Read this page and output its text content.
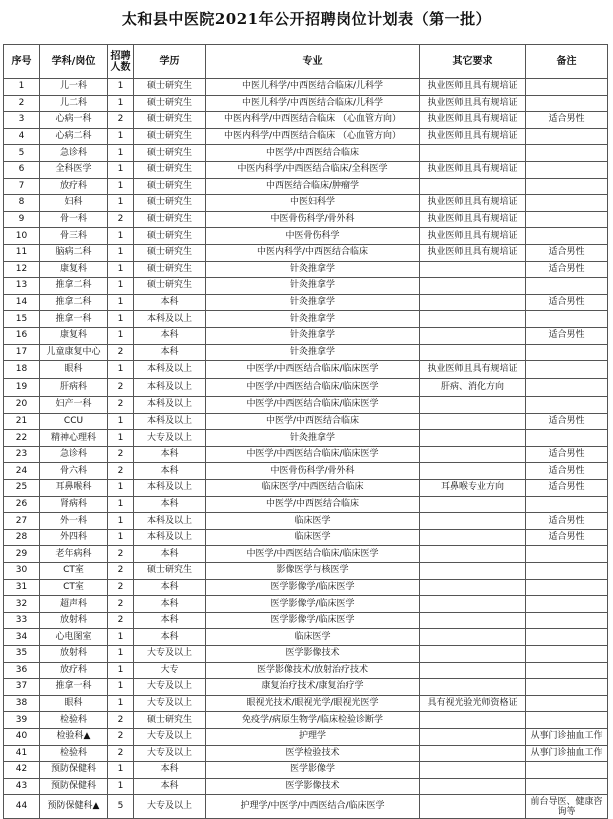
太和县中医院2021年公开招聘岗位计划表（第一批）
序号	学科/岗位	招聘人数	学历	专业	其它要求	备注
1	儿一科	1	硕士研究生	中医儿科学/中西医结合临床/儿科学	执业医师且具有规培证	
2	儿二科	1	硕士研究生	中医儿科学/中西医结合临床/儿科学	执业医师且具有规培证	
3	心病一科	2	硕士研究生	中医内科学/中西医结合临床 （心血管方向）	执业医师且具有规培证	适合男性
4	心病二科	1	硕士研究生	中医内科学/中西医结合临床 （心血管方向）	执业医师且具有规培证	
5	急诊科	1	硕士研究生	中医学/中西医结合临床		
6	全科医学	1	硕士研究生	中医内科学/中西医结合临床/全科医学	执业医师且具有规培证	
7	放疗科	1	硕士研究生	中西医结合临床/肿瘤学		
8	妇科	1	硕士研究生	中医妇科学	执业医师且具有规培证	
9	骨一科	2	硕士研究生	中医骨伤科学/骨外科	执业医师且具有规培证	
10	骨三科	1	硕士研究生	中医骨伤科学	执业医师且具有规培证	
11	脑病二科	1	硕士研究生	中医内科学/中西医结合临床	执业医师且具有规培证	适合男性
12	康复科	1	硕士研究生	针灸推拿学		适合男性
13	推拿二科	1	硕士研究生	针灸推拿学		
14	推拿二科	1	本科	针灸推拿学		适合男性
15	推拿一科	1	本科及以上	针灸推拿学		
16	康复科	1	本科	针灸推拿学		适合男性
17	儿童康复中心	2	本科	针灸推拿学		
18	眼科	1	本科及以上	中医学/中西医结合临床/临床医学	执业医师且具有规培证	
19	肝病科	2	本科及以上	中医学/中西医结合临床/临床医学	肝病、消化方向	
20	妇产一科	2	本科及以上	中医学/中西医结合临床/临床医学		
21	CCU	1	本科及以上	中医学/中西医结合临床		适合男性
22	精神心理科	1	大专及以上	针灸推拿学		
23	急诊科	2	本科	中医学/中西医结合临床/临床医学		适合男性
24	骨六科	2	本科	中医骨伤科学/骨外科		适合男性
25	耳鼻喉科	1	本科及以上	临床医学/中西医结合临床	耳鼻喉专业方向	适合男性
26	肾病科	1	本科	中医学/中西医结合临床		
27	外一科	1	本科及以上	临床医学		适合男性
28	外四科	1	本科及以上	临床医学		适合男性
29	老年病科	2	本科	中医学/中西医结合临床/临床医学		
30	CT室	2	硕士研究生	影像医学与核医学		
31	CT室	2	本科	医学影像学/临床医学		
32	超声科	2	本科	医学影像学/临床医学		
33	放射科	2	本科	医学影像学/临床医学		
34	心电图室	1	本科	临床医学		
35	放射科	1	大专及以上	医学影像技术		
36	放疗科	1	大专	医学影像技术/放射治疗技术		
37	推拿一科	1	大专及以上	康复治疗技术/康复治疗学		
38	眼科	1	大专及以上	眼视光技术/眼视光学/眼视光医学	具有视光验光师资格证	
39	检验科	2	硕士研究生	免疫学/病原生物学/临床检验诊断学		
40	检验科▲	2	大专及以上	护理学		从事门诊抽血工作
41	检验科	2	大专及以上	医学检验技术		从事门诊抽血工作
42	预防保健科	1	本科	医学影像学		
43	预防保健科	1	本科	医学影像技术		
44	预防保健科▲	5	大专及以上	护理学/中医学/中西医结合/临床医学		前台导医、健康咨询等
